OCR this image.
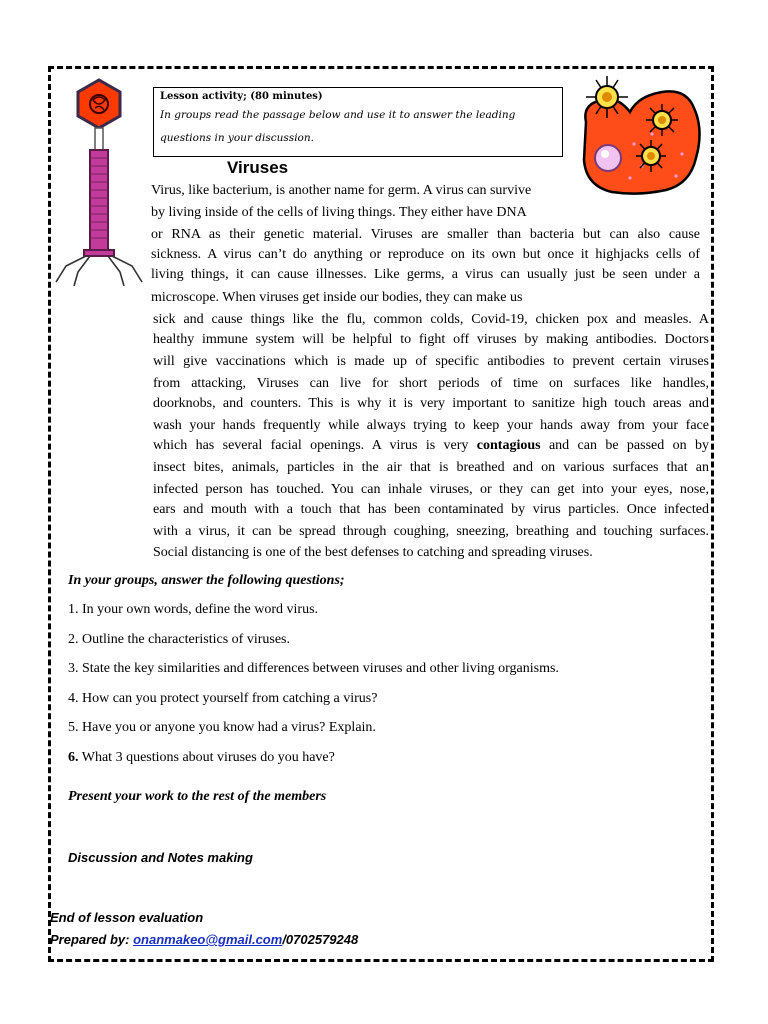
Lesson activity; (80 minutes)
In groups read the passage below and use it to answer the leading
questions in your discussion.
Viruses
Virus, like bacterium, is another name for germ. A virus can survive
by living inside of the cells of living things. They either have DNA
or RNA as their genetic material. Viruses are smaller than bacteria but can also cause
sickness. A virus can’t do anything or reproduce on its own but once it highjacks cells of
living things, it can cause illnesses. Like germs, a virus can usually just be seen under a
microscope. When viruses get inside our bodies, they can make us
sick and cause things like the flu, common colds, Covid-19, chicken pox and measles. A
healthy immune system will be helpful to fight off viruses by making antibodies. Doctors
will give vaccinations which is made up of specific antibodies to prevent certain viruses
from attacking, Viruses can live for short periods of time on surfaces like handles,
doorknobs, and counters. This is why it is very important to sanitize high touch areas and
wash your hands frequently while always trying to keep your hands away from your face
which has several facial openings. A virus is very contagious and can be passed on by
insect bites, animals, particles in the air that is breathed and on various surfaces that an
infected person has touched. You can inhale viruses, or they can get into your eyes, nose,
ears and mouth with a touch that has been contaminated by virus particles. Once infected
with a virus, it can be spread through coughing, sneezing, breathing and touching surfaces.
Social distancing is one of the best defenses to catching and spreading viruses.
In your groups, answer the following questions;
1. In your own words, define the word virus.
2. Outline the characteristics of viruses.
3. State the key similarities and differences between viruses and other living organisms.
4. How can you protect yourself from catching a virus?
5. Have you or anyone you know had a virus? Explain.
6. What 3 questions about viruses do you have?
Present your work to the rest of the members
Discussion and Notes making
End of lesson evaluation
Prepared by: onanmakeo@gmail.com/0702579248
